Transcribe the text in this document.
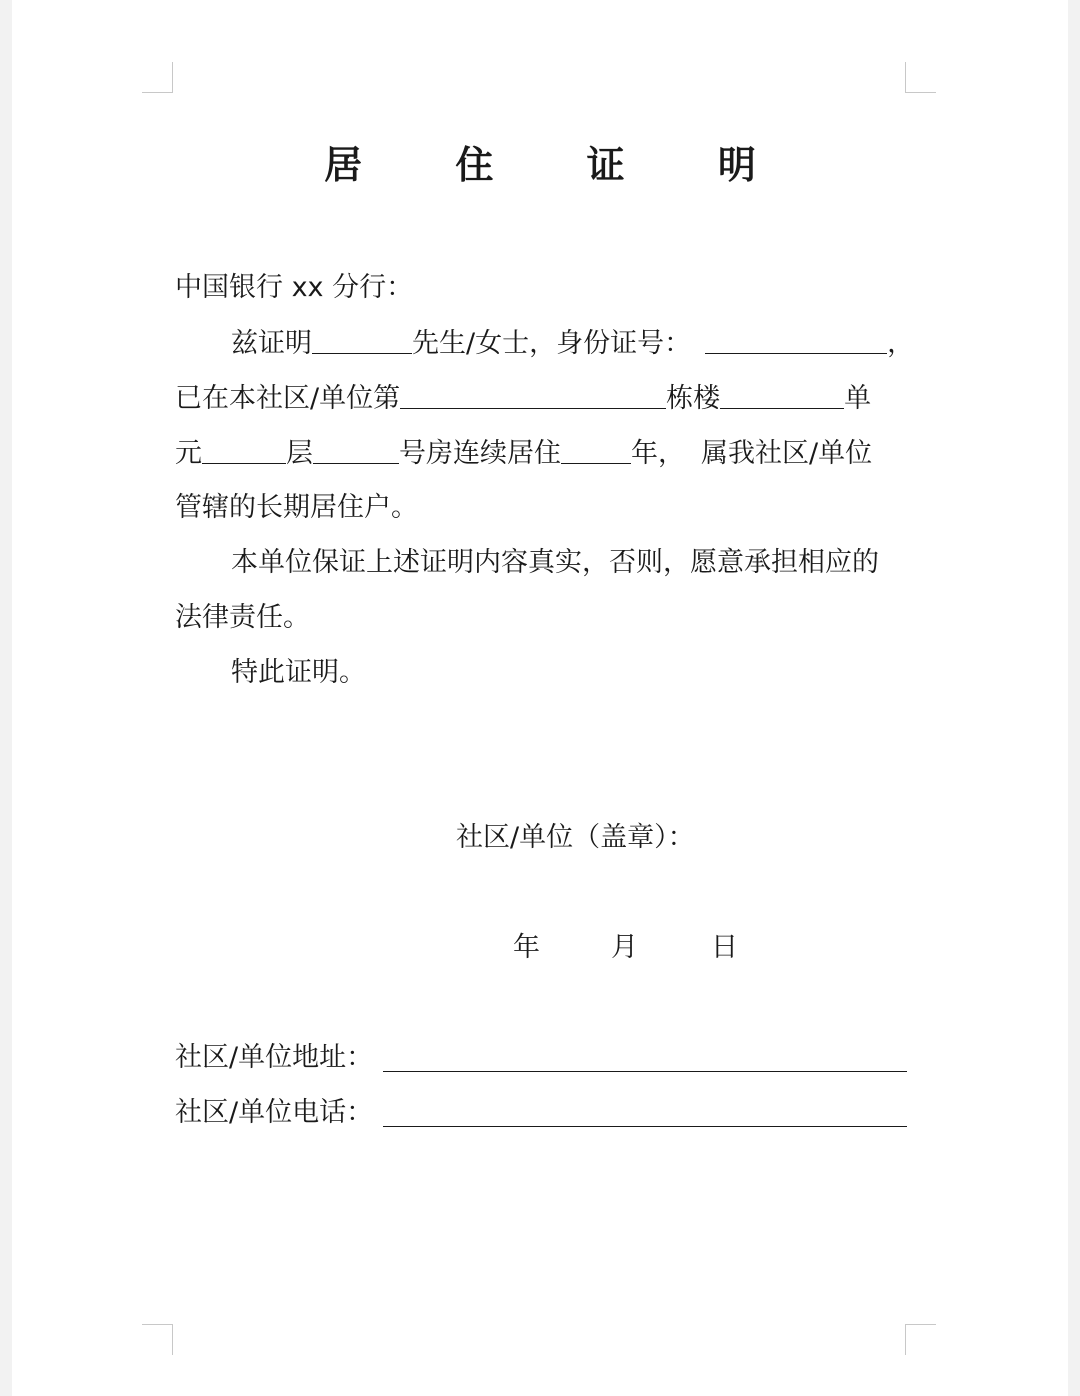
居 住 证 明
中国银行 xx 分行：
兹证明	先生/女士，身份证号：	，
已在本社区/单位第	栋楼	单
元	层	号房连续居住	年， 属我社区/单位
管辖的长期居住户。
本单位保证上述证明内容真实，否则，愿意承担相应的
法律责任。
特此证明。
社区/单位（盖章）：
年	月	日
社区/单位地址：
社区/单位电话：
